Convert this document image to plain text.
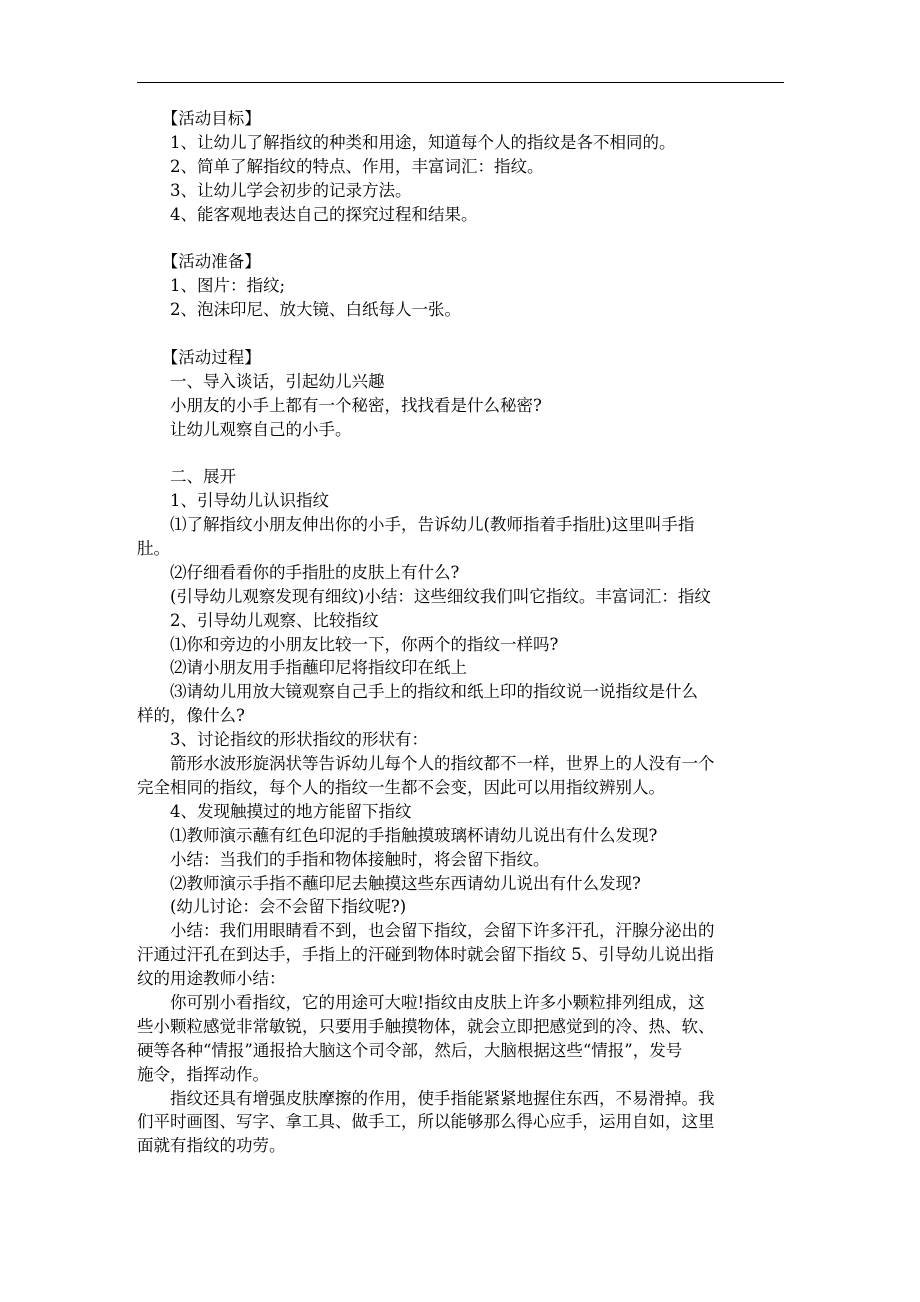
　　【活动目标】
　　1、让幼儿了解指纹的种类和用途，知道每个人的指纹是各不相同的。
　　2、简单了解指纹的特点、作用，丰富词汇：指纹。
　　3、让幼儿学会初步的记录方法。
　　4、能客观地表达自己的探究过程和结果。
　　【活动准备】
　　1、图片：指纹;
　　2、泡沫印尼、放大镜、白纸每人一张。
　　【活动过程】
　　一、导入谈话，引起幼儿兴趣
　　小朋友的小手上都有一个秘密，找找看是什么秘密?
　　让幼儿观察自己的小手。
　　二、展开
　　1、引导幼儿认识指纹
　　⑴了解指纹小朋友伸出你的小手，告诉幼儿(教师指着手指肚)这里叫手指
肚。
　　⑵仔细看看你的手指肚的皮肤上有什么?
　　(引导幼儿观察发现有细纹)小结：这些细纹我们叫它指纹。丰富词汇：指纹
　　2、引导幼儿观察、比较指纹
　　⑴你和旁边的小朋友比较一下，你两个的指纹一样吗?
　　⑵请小朋友用手指蘸印尼将指纹印在纸上
　　⑶请幼儿用放大镜观察自己手上的指纹和纸上印的指纹说一说指纹是什么
样的，像什么?
　　3、讨论指纹的形状指纹的形状有：
　　箭形水波形旋涡状等告诉幼儿每个人的指纹都不一样，世界上的人没有一个
完全相同的指纹，每个人的指纹一生都不会变，因此可以用指纹辨别人。
　　4、发现触摸过的地方能留下指纹
　　⑴教师演示蘸有红色印泥的手指触摸玻璃杯请幼儿说出有什么发现?
　　小结：当我们的手指和物体接触时，将会留下指纹。
　　⑵教师演示手指不蘸印尼去触摸这些东西请幼儿说出有什么发现?
　　(幼儿讨论：会不会留下指纹呢?)
　　小结：我们用眼睛看不到，也会留下指纹，会留下许多汗孔，汗腺分泌出的
汗通过汗孔在到达手，手指上的汗碰到物体时就会留下指纹 5、引导幼儿说出指
纹的用途教师小结：
　　你可别小看指纹，它的用途可大啦!指纹由皮肤上许多小颗粒排列组成，这
些小颗粒感觉非常敏锐，只要用手触摸物体，就会立即把感觉到的冷、热、软、
硬等各种“情报”通报拾大脑这个司令部，然后，大脑根据这些“情报”，发号
施令，指挥动作。
　　指纹还具有增强皮肤摩擦的作用，使手指能紧紧地握住东西，不易滑掉。我
们平时画图、写字、拿工具、做手工，所以能够那么得心应手，运用自如，这里
面就有指纹的功劳。
